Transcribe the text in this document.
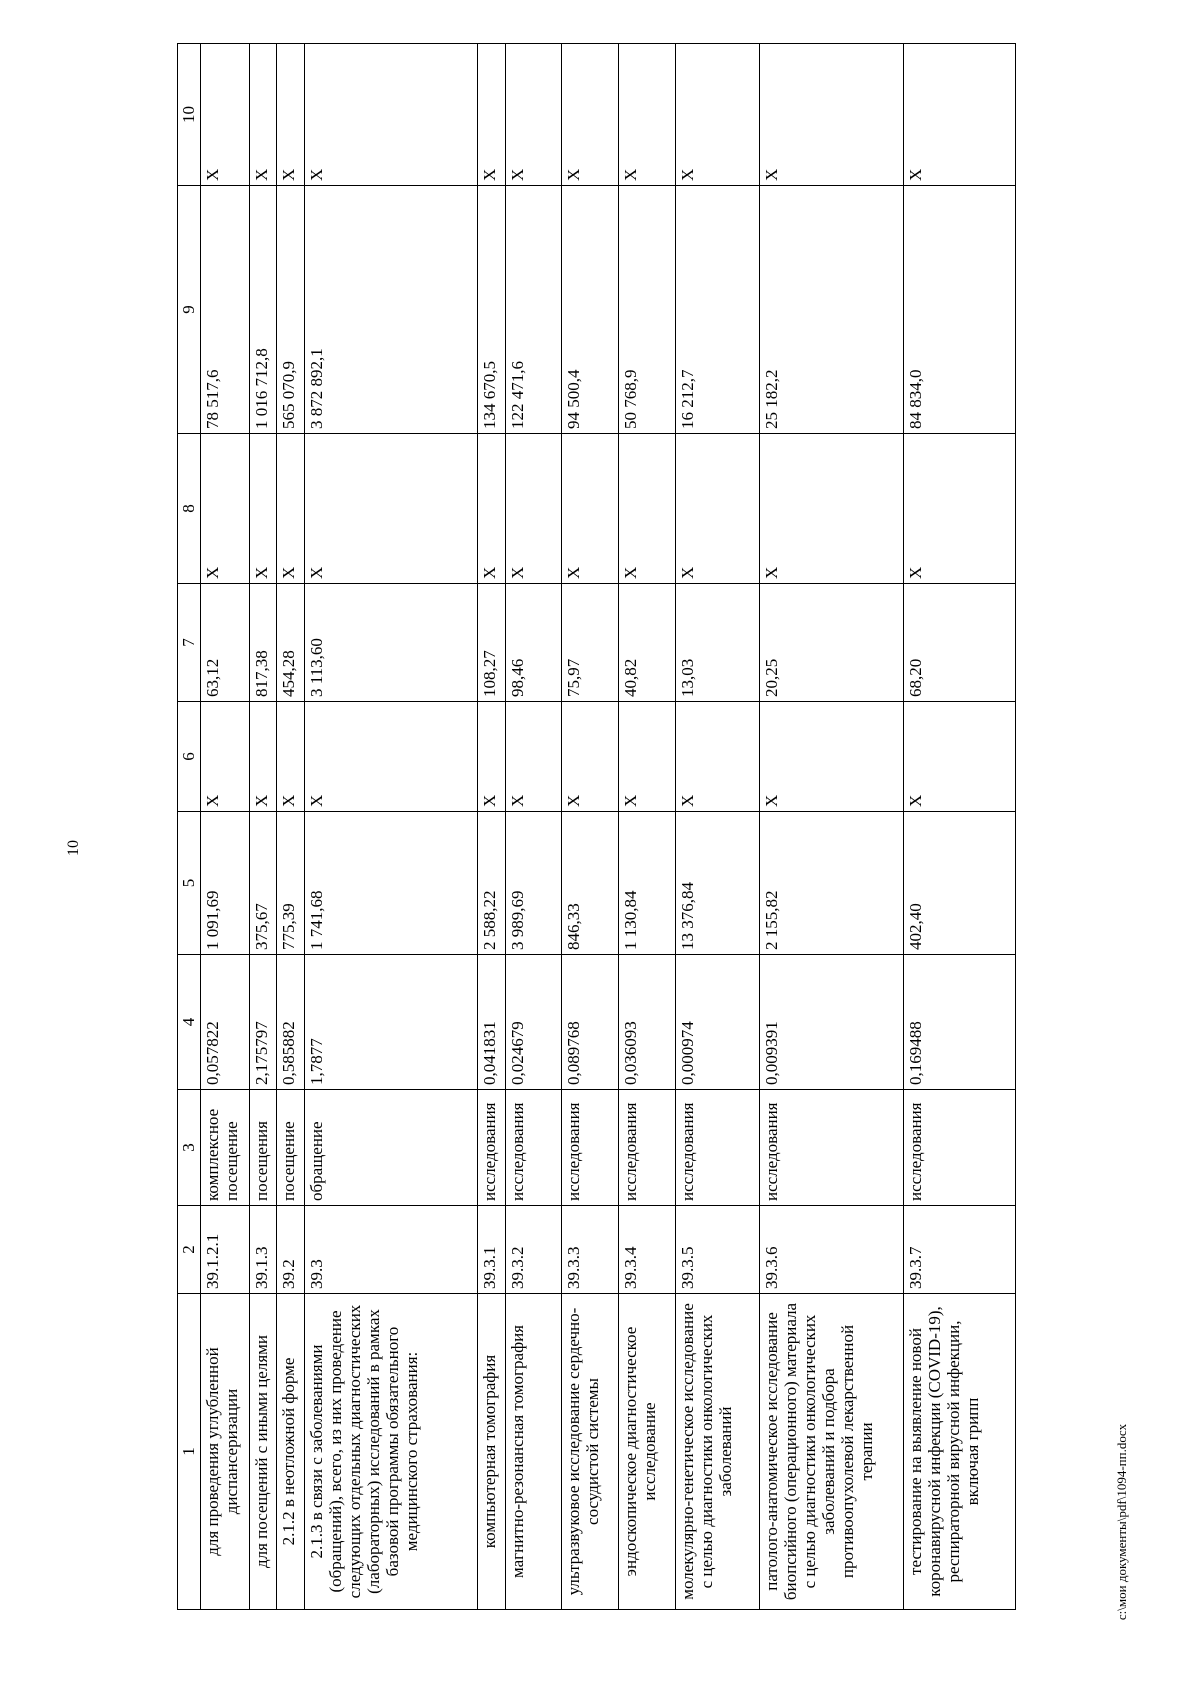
10
1	2	3	4	5	6	7	8	9	10
для проведения углубленной диспансеризации	39.1.2.1	комплексное посещение	0,057822	1 091,69	X	63,12	X	78 517,6	X
для посещений с иными целями	39.1.3	посещения	2,175797	375,67	X	817,38	X	1 016 712,8	X
2.1.2 в неотложной форме	39.2	посещение	0,585882	775,39	X	454,28	X	565 070,9	X
2.1.3 в связи с заболеваниями (обращений), всего, из них проведение следующих отдельных диагностических (лабораторных) исследований в рамках базовой программы обязательного медицинского страхования:	39.3	обращение	1,7877	1 741,68	X	3 113,60	X	3 872 892,1	X
компьютерная томография	39.3.1	исследования	0,041831	2 588,22	X	108,27	X	134 670,5	X
магнитно-резонансная томография	39.3.2	исследования	0,024679	3 989,69	X	98,46	X	122 471,6	X
ультразвуковое исследование сердечно-сосудистой системы	39.3.3	исследования	0,089768	846,33	X	75,97	X	94 500,4	X
эндоскопическое диагностическое исследование	39.3.4	исследования	0,036093	1 130,84	X	40,82	X	50 768,9	X
молекулярно-генетическое исследование с целью диагностики онкологических заболеваний	39.3.5	исследования	0,000974	13 376,84	X	13,03	X	16 212,7	X
патолого-анатомическое исследование биопсийного (операционного) материала с целью диагностики онкологических заболеваний и подбора противоопухолевой лекарственной терапии	39.3.6	исследования	0,009391	2 155,82	X	20,25	X	25 182,2	X
тестирование на выявление новой коронавирусной инфекции (COVID-19), респираторной вирусной инфекции, включая грипп	39.3.7	исследования	0,169488	402,40	X	68,20	X	84 834,0	X
c:\мои документы\pdf\1094-пп.docx
